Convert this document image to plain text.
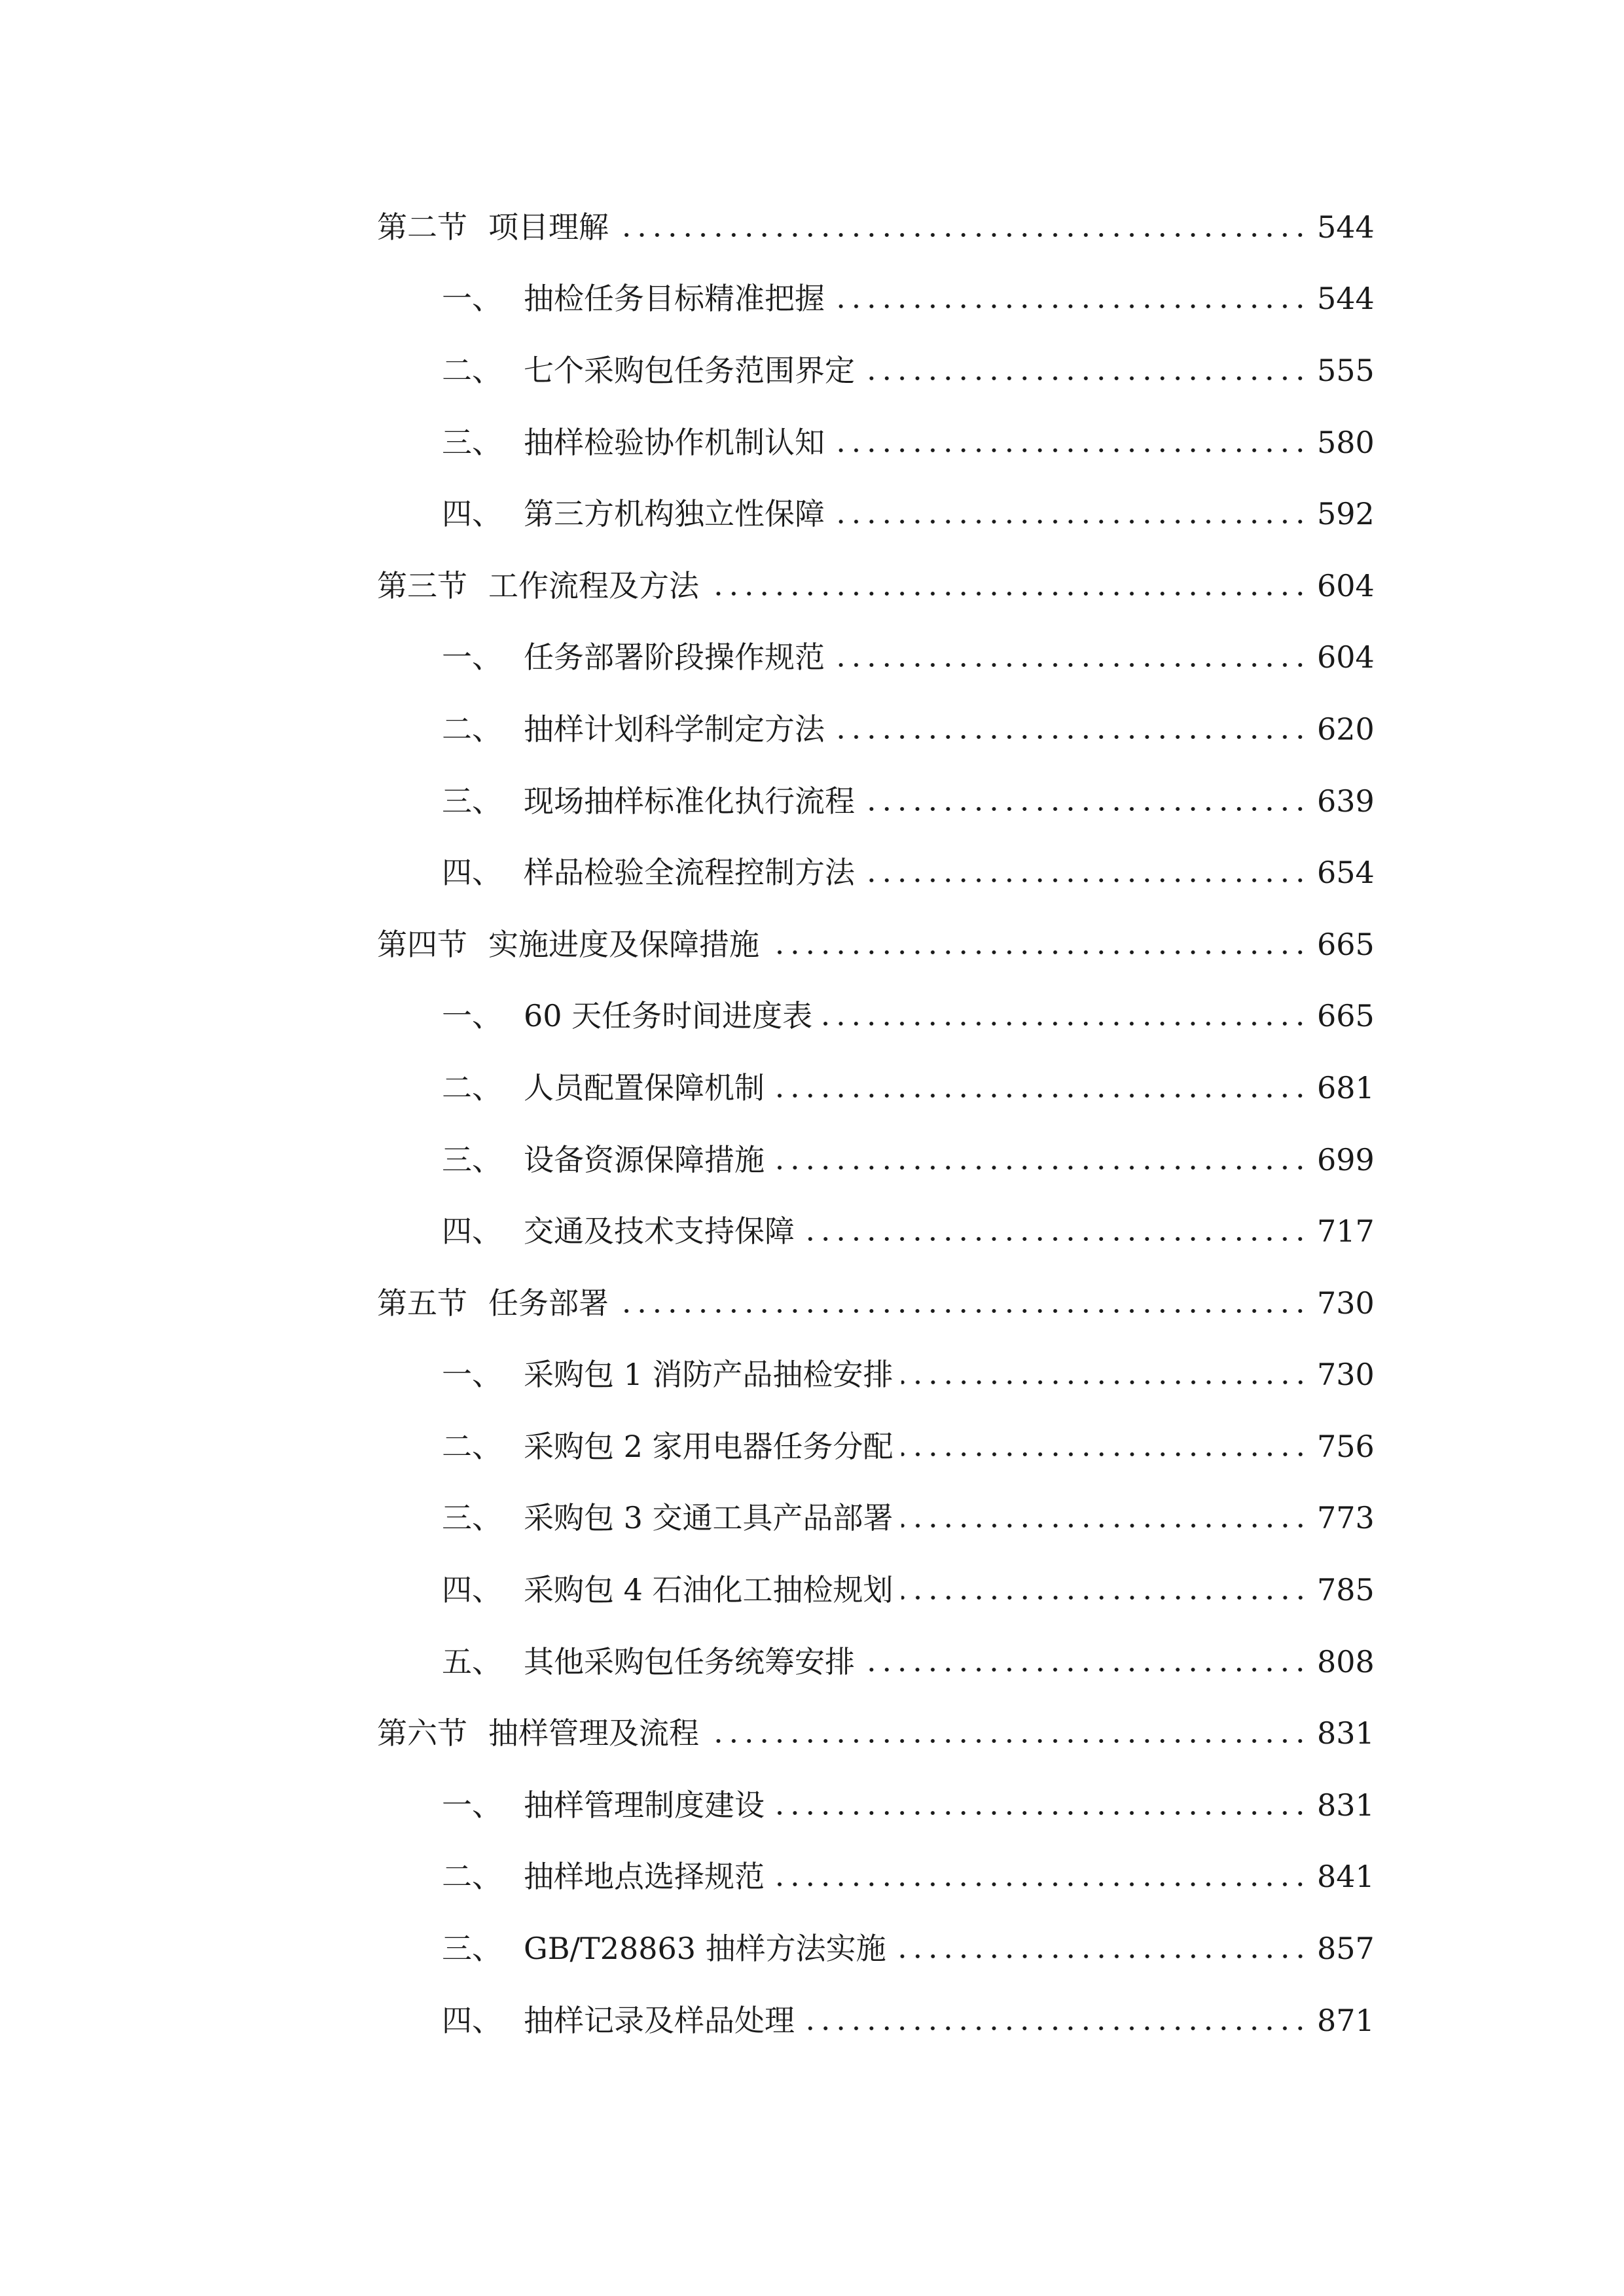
第二节 项目理解	544
一、 抽检任务目标精准把握	544
二、 七个采购包任务范围界定	555
三、 抽样检验协作机制认知	580
四、 第三方机构独立性保障	592
第三节 工作流程及方法	604
一、 任务部署阶段操作规范	604
二、 抽样计划科学制定方法	620
三、 现场抽样标准化执行流程	639
四、 样品检验全流程控制方法	654
第四节 实施进度及保障措施	665
一、 60 天任务时间进度表	665
二、 人员配置保障机制	681
三、 设备资源保障措施	699
四、 交通及技术支持保障	717
第五节 任务部署	730
一、 采购包 1 消防产品抽检安排	730
二、 采购包 2 家用电器任务分配	756
三、 采购包 3 交通工具产品部署	773
四、 采购包 4 石油化工抽检规划	785
五、 其他采购包任务统筹安排	808
第六节 抽样管理及流程	831
一、 抽样管理制度建设	831
二、 抽样地点选择规范	841
三、 GB/T28863 抽样方法实施	857
四、 抽样记录及样品处理	871
